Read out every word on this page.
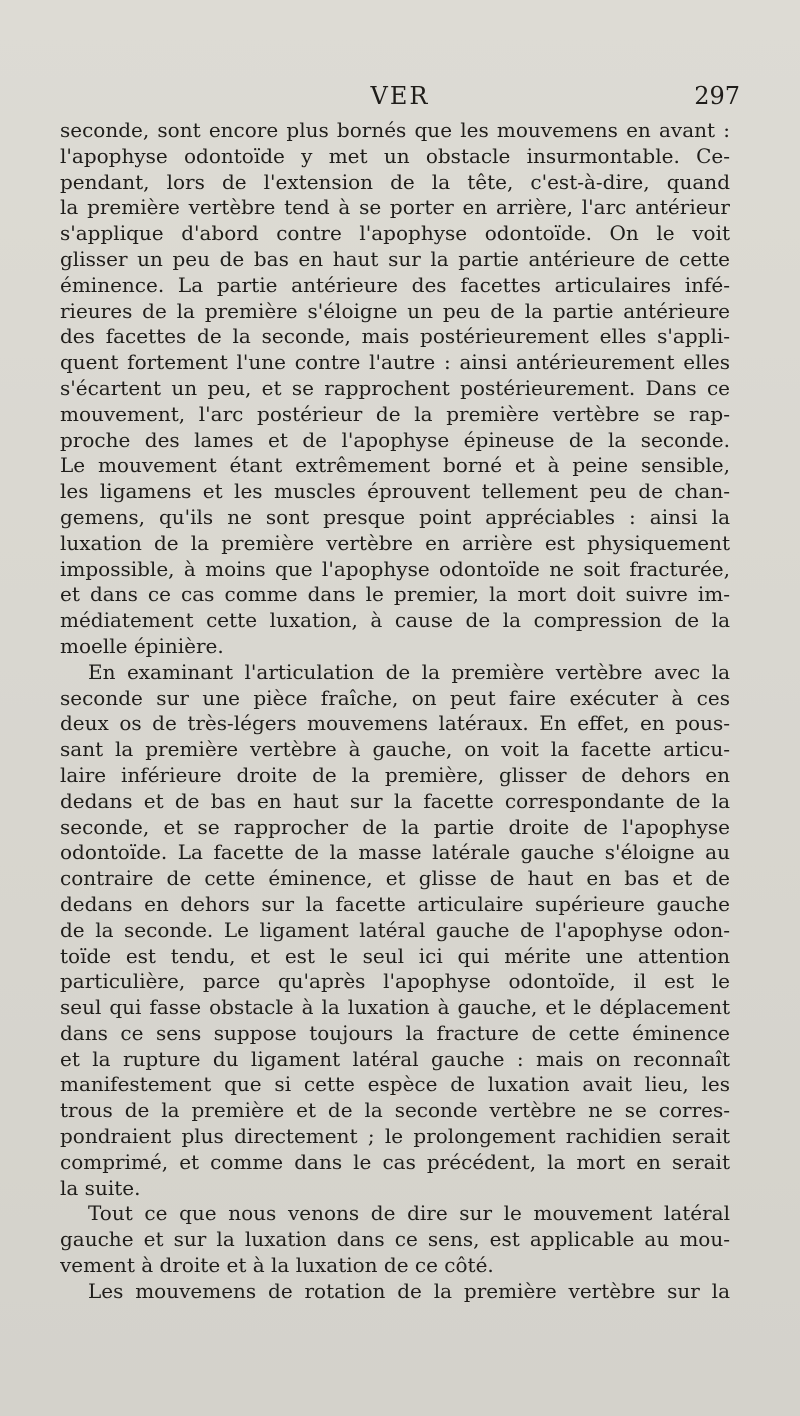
VER	297
seconde, sont encore plus bornés que les mouvemens en avant :
l'apophyse odontoïde y met un obstacle insurmontable. Ce-
pendant, lors de l'extension de la tête, c'est-à-dire, quand
la première vertèbre tend à se porter en arrière, l'arc antérieur
s'applique d'abord contre l'apophyse odontoïde. On le voit
glisser un peu de bas en haut sur la partie antérieure de cette
éminence. La partie antérieure des facettes articulaires infé-
rieures de la première s'éloigne un peu de la partie antérieure
des facettes de la seconde, mais postérieurement elles s'appli-
quent fortement l'une contre l'autre : ainsi antérieurement elles
s'écartent un peu, et se rapprochent postérieurement. Dans ce
mouvement, l'arc postérieur de la première vertèbre se rap-
proche des lames et de l'apophyse épineuse de la seconde.
Le mouvement étant extrêmement borné et à peine sensible,
les ligamens et les muscles éprouvent tellement peu de chan-
gemens, qu'ils ne sont presque point appréciables : ainsi la
luxation de la première vertèbre en arrière est physiquement
impossible, à moins que l'apophyse odontoïde ne soit fracturée,
et dans ce cas comme dans le premier, la mort doit suivre im-
médiatement cette luxation, à cause de la compression de la
moelle épinière.
En examinant l'articulation de la première vertèbre avec la
seconde sur une pièce fraîche, on peut faire exécuter à ces
deux os de très-légers mouvemens latéraux. En effet, en pous-
sant la première vertèbre à gauche, on voit la facette articu-
laire inférieure droite de la première, glisser de dehors en
dedans et de bas en haut sur la facette correspondante de la
seconde, et se rapprocher de la partie droite de l'apophyse
odontoïde. La facette de la masse latérale gauche s'éloigne au
contraire de cette éminence, et glisse de haut en bas et de
dedans en dehors sur la facette articulaire supérieure gauche
de la seconde. Le ligament latéral gauche de l'apophyse odon-
toïde est tendu, et est le seul ici qui mérite une attention
particulière, parce qu'après l'apophyse odontoïde, il est le
seul qui fasse obstacle à la luxation à gauche, et le déplacement
dans ce sens suppose toujours la fracture de cette éminence
et la rupture du ligament latéral gauche : mais on reconnaît
manifestement que si cette espèce de luxation avait lieu, les
trous de la première et de la seconde vertèbre ne se corres-
pondraient plus directement ; le prolongement rachidien serait
comprimé, et comme dans le cas précédent, la mort en serait
la suite.
Tout ce que nous venons de dire sur le mouvement latéral
gauche et sur la luxation dans ce sens, est applicable au mou-
vement à droite et à la luxation de ce côté.
Les mouvemens de rotation de la première vertèbre sur la
